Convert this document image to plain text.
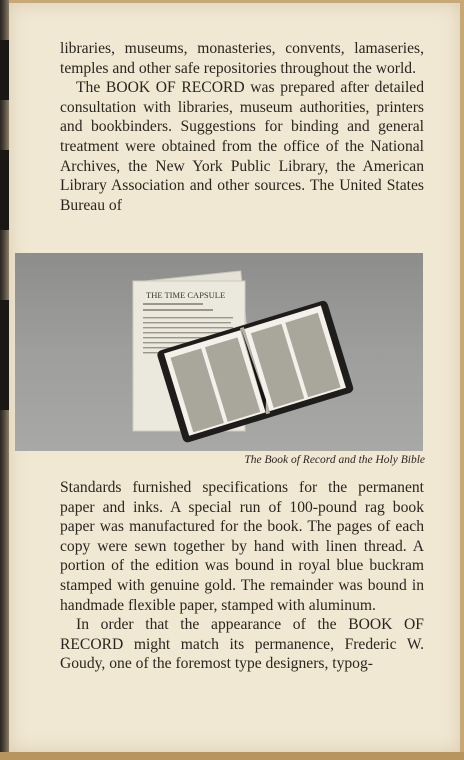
libraries, museums, monasteries, convents, lamaseries, temples and other safe repositories throughout the world.

The BOOK OF RECORD was prepared after detailed consultation with libraries, museum authorities, printers and bookbinders. Suggestions for binding and general treatment were obtained from the office of the National Archives, the New York Public Library, the American Library Association and other sources. The United States Bureau of

THE TIME CAPSULE
The Book of Record and the Holy Bible

Standards furnished specifications for the permanent paper and inks. A special run of 100-pound rag book paper was manufactured for the book. The pages of each copy were sewn together by hand with linen thread. A portion of the edition was bound in royal blue buckram stamped with genuine gold. The remainder was bound in handmade flexible paper, stamped with aluminum.

In order that the appearance of the BOOK OF RECORD might match its permanence, Frederic W. Goudy, one of the foremost type designers, typog-
